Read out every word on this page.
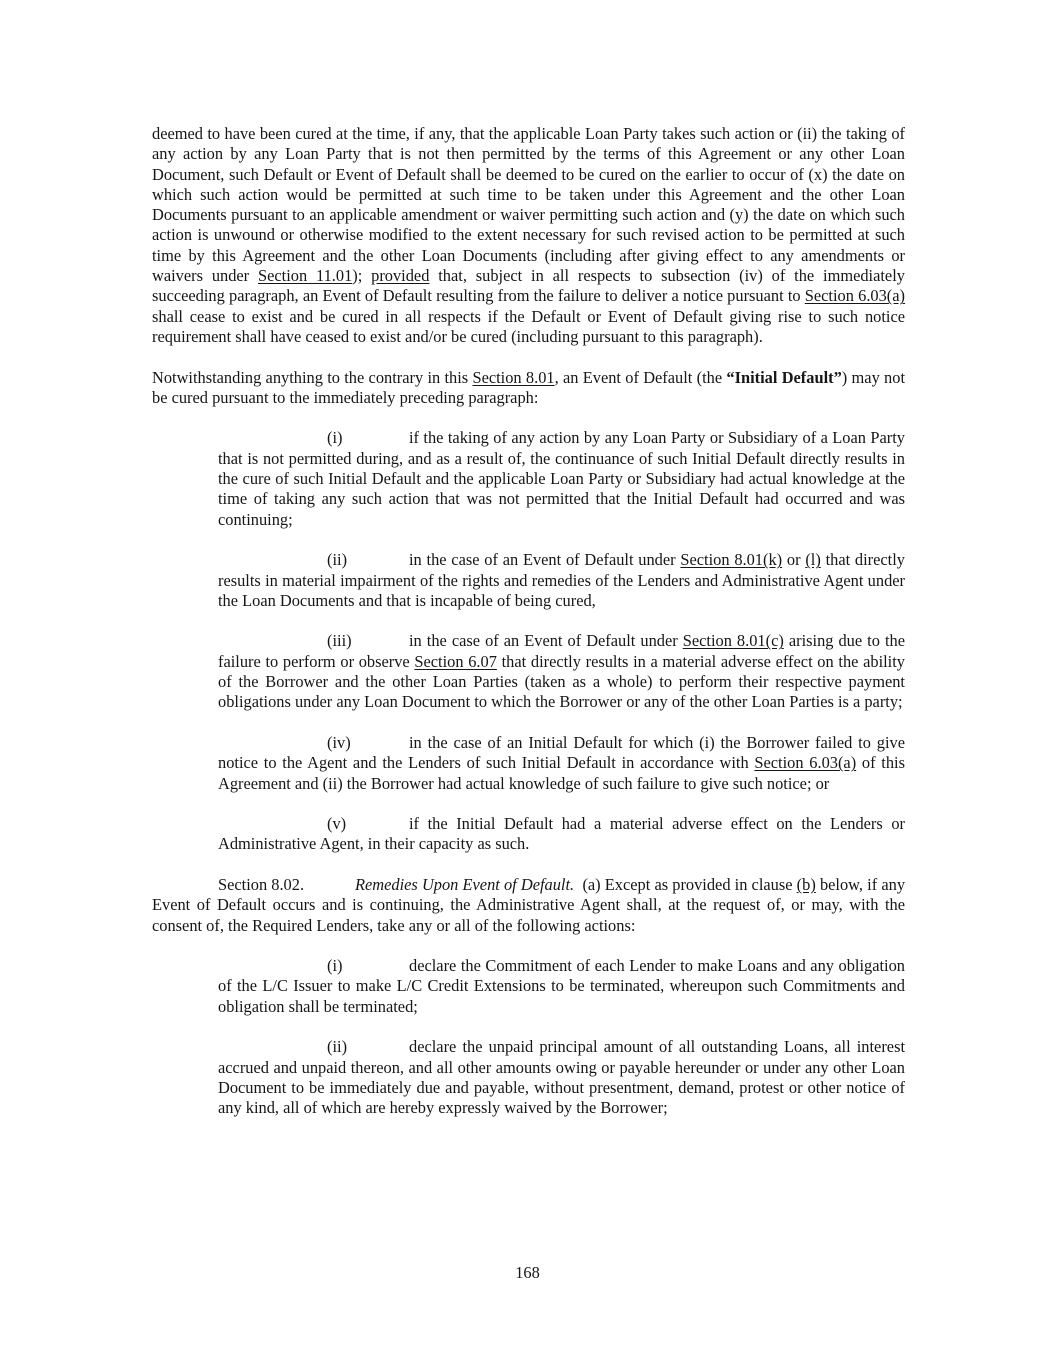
deemed to have been cured at the time, if any, that the applicable Loan Party takes such action or (ii) the taking of any action by any Loan Party that is not then permitted by the terms of this Agreement or any other Loan Document, such Default or Event of Default shall be deemed to be cured on the earlier to occur of (x) the date on which such action would be permitted at such time to be taken under this Agreement and the other Loan Documents pursuant to an applicable amendment or waiver permitting such action and (y) the date on which such action is unwound or otherwise modified to the extent necessary for such revised action to be permitted at such time by this Agreement and the other Loan Documents (including after giving effect to any amendments or waivers under Section 11.01); provided that, subject in all respects to subsection (iv) of the immediately succeeding paragraph, an Event of Default resulting from the failure to deliver a notice pursuant to Section 6.03(a) shall cease to exist and be cured in all respects if the Default or Event of Default giving rise to such notice requirement shall have ceased to exist and/or be cured (including pursuant to this paragraph).

Notwithstanding anything to the contrary in this Section 8.01, an Event of Default (the “Initial Default”) may not be cured pursuant to the immediately preceding paragraph:

(i)	if the taking of any action by any Loan Party or Subsidiary of a Loan Party that is not permitted during, and as a result of, the continuance of such Initial Default directly results in the cure of such Initial Default and the applicable Loan Party or Subsidiary had actual knowledge at the time of taking any such action that was not permitted that the Initial Default had occurred and was continuing;

(ii)	in the case of an Event of Default under Section 8.01(k) or (l) that directly results in material impairment of the rights and remedies of the Lenders and Administrative Agent under the Loan Documents and that is incapable of being cured,

(iii)	in the case of an Event of Default under Section 8.01(c) arising due to the failure to perform or observe Section 6.07 that directly results in a material adverse effect on the ability of the Borrower and the other Loan Parties (taken as a whole) to perform their respective payment obligations under any Loan Document to which the Borrower or any of the other Loan Parties is a party;

(iv)	in the case of an Initial Default for which (i) the Borrower failed to give notice to the Agent and the Lenders of such Initial Default in accordance with Section 6.03(a) of this Agreement and (ii) the Borrower had actual knowledge of such failure to give such notice; or

(v)	if the Initial Default had a material adverse effect on the Lenders or Administrative Agent, in their capacity as such.

Section 8.02.	Remedies Upon Event of Default.  (a) Except as provided in clause (b) below, if any Event of Default occurs and is continuing, the Administrative Agent shall, at the request of, or may, with the consent of, the Required Lenders, take any or all of the following actions:

(i)	declare the Commitment of each Lender to make Loans and any obligation of the L/C Issuer to make L/C Credit Extensions to be terminated, whereupon such Commitments and obligation shall be terminated;

(ii)	declare the unpaid principal amount of all outstanding Loans, all interest accrued and unpaid thereon, and all other amounts owing or payable hereunder or under any other Loan Document to be immediately due and payable, without presentment, demand, protest or other notice of any kind, all of which are hereby expressly waived by the Borrower;

168
